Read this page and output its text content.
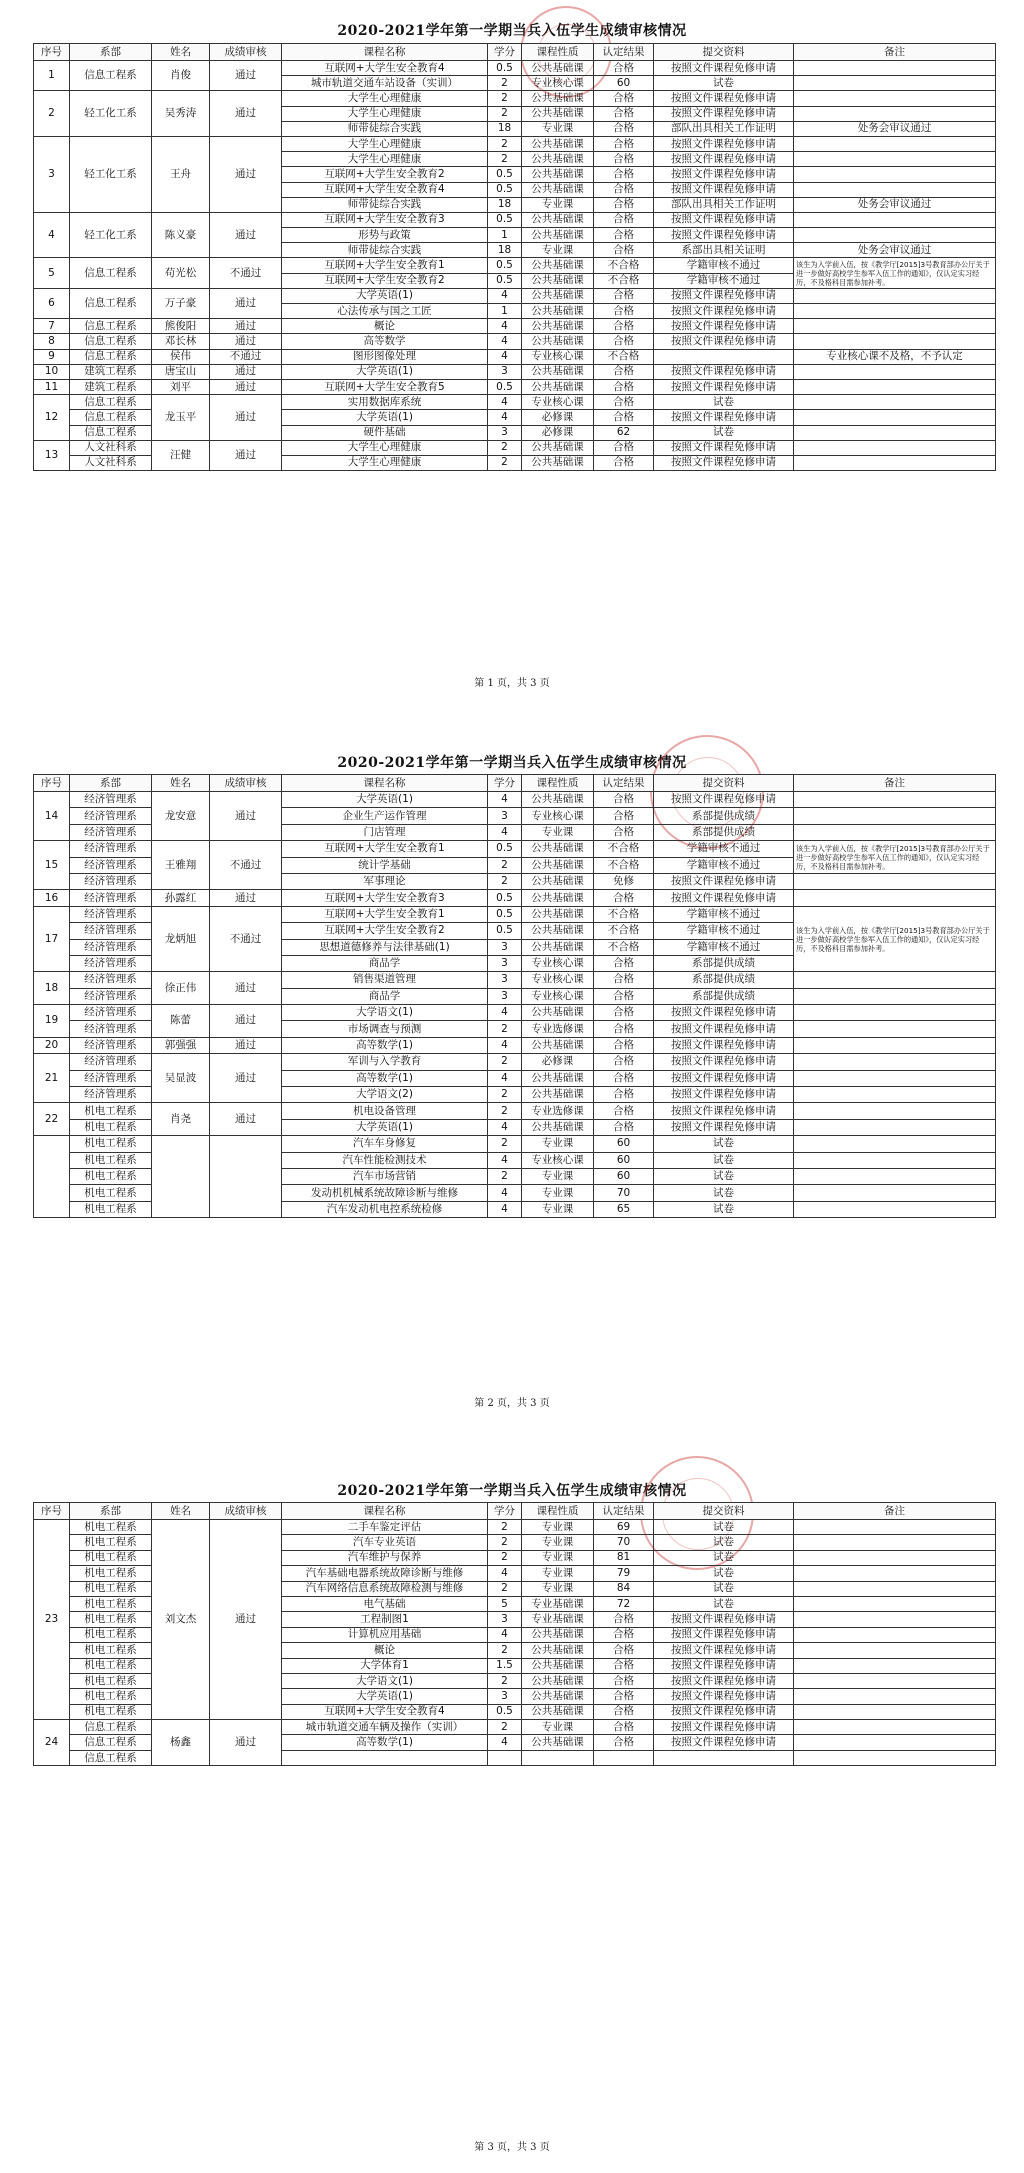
2020-2021学年第一学期当兵入伍学生成绩审核情况
序号	系部	姓名	成绩审核	课程名称	学分	课程性质	认定结果	提交资料	备注
1	信息工程系	肖俊	通过	互联网+大学生安全教育4	0.5	公共基础课	合格	按照文件课程免修申请	
				城市轨道交通车站设备（实训）	2	专业核心课	60	试卷	
2	轻工化工系	吴秀涛	通过	大学生心理健康	2	公共基础课	合格	按照文件课程免修申请	
				大学生心理健康	2	公共基础课	合格	按照文件课程免修申请	
				师带徒综合实践	18	专业课	合格	部队出具相关工作证明	处务会审议通过
3	轻工化工系	王舟	通过	大学生心理健康	2	公共基础课	合格	按照文件课程免修申请	
				大学生心理健康	2	公共基础课	合格	按照文件课程免修申请	
				互联网+大学生安全教育2	0.5	公共基础课	合格	按照文件课程免修申请	
				互联网+大学生安全教育4	0.5	公共基础课	合格	按照文件课程免修申请	
				师带徒综合实践	18	专业课	合格	部队出具相关工作证明	处务会审议通过
4	轻工化工系	陈义豪	通过	互联网+大学生安全教育3	0.5	公共基础课	合格	按照文件课程免修申请	
				形势与政策	1	公共基础课	合格	按照文件课程免修申请	
				师带徒综合实践	18	专业课	合格	系部出具相关证明	处务会审议通过
5	信息工程系	苟光松	不通过	互联网+大学生安全教育1	0.5	公共基础课	不合格	学籍审核不通过	该生为入学前入伍，按《教学厅[2015]3号教育部办公厅关于进一步做好高校学生参军入伍工作的通知》，仅认定实习经历，不及格科目需参加补考。
				互联网+大学生安全教育2	0.5	公共基础课	不合格	学籍审核不通过	
6	信息工程系	万子豪	通过	大学英语(1)	4	公共基础课	合格	按照文件课程免修申请	
				心法传承与国之工匠	1	公共基础课	合格	按照文件课程免修申请	
7	信息工程系	熊俊阳	通过	概论	4	公共基础课	合格	按照文件课程免修申请	
8	信息工程系	邓长林	通过	高等数学	4	公共基础课	合格	按照文件课程免修申请	
9	信息工程系	侯伟	不通过	图形图像处理	4	专业核心课	不合格		专业核心课不及格，不予认定
10	建筑工程系	唐宝山	通过	大学英语(1)	3	公共基础课	合格	按照文件课程免修申请	
11	建筑工程系	刘平	通过	互联网+大学生安全教育5	0.5	公共基础课	合格	按照文件课程免修申请	
12	信息工程系	龙玉平	通过	实用数据库系统	4	专业核心课	合格	试卷	
	信息工程系			大学英语(1)	4	必修课	合格	按照文件课程免修申请	
	信息工程系			硬件基础	3	必修课	62	试卷	
13	人文社科系	汪健	通过	大学生心理健康	2	公共基础课	合格	按照文件课程免修申请	
	人文社科系			大学生心理健康	2	公共基础课	合格	按照文件课程免修申请	
第 1 页，共 3 页
2020-2021学年第一学期当兵入伍学生成绩审核情况
序号	系部	姓名	成绩审核	课程名称	学分	课程性质	认定结果	提交资料	备注
14	经济管理系	龙安意	通过	大学英语(1)	4	公共基础课	合格	按照文件课程免修申请	
	经济管理系			企业生产运作管理	3	专业核心课	合格	系部提供成绩	
	经济管理系			门店管理	4	专业课	合格	系部提供成绩	
15	经济管理系	王雅翔	不通过	互联网+大学生安全教育1	0.5	公共基础课	不合格	学籍审核不通过	该生为入学前入伍，按《教学厅[2015]3号教育部办公厅关于进一步做好高校学生参军入伍工作的通知》，仅认定实习经历，不及格科目需参加补考。
	经济管理系			统计学基础	2	公共基础课	不合格	学籍审核不通过	
	经济管理系			军事理论	2	公共基础课	免修	按照文件课程免修申请	
16	经济管理系	孙露红	通过	互联网+大学生安全教育3	0.5	公共基础课	合格	按照文件课程免修申请	
17	经济管理系	龙炳旭	不通过	互联网+大学生安全教育1	0.5	公共基础课	不合格	学籍审核不通过	该生为入学前入伍，按《教学厅[2015]3号教育部办公厅关于进一步做好高校学生参军入伍工作的通知》，仅认定实习经历，不及格科目需参加补考。
	经济管理系			互联网+大学生安全教育2	0.5	公共基础课	不合格	学籍审核不通过	
	经济管理系			思想道德修养与法律基础(1)	3	公共基础课	不合格	学籍审核不通过	
	经济管理系			商品学	3	专业核心课	合格	系部提供成绩	
18	经济管理系	徐正伟	通过	销售渠道管理	3	专业核心课	合格	系部提供成绩	
	经济管理系			商品学	3	专业核心课	合格	系部提供成绩	
19	经济管理系	陈蕾	通过	大学语文(1)	4	公共基础课	合格	按照文件课程免修申请	
	经济管理系			市场调查与预测	2	专业选修课	合格	按照文件课程免修申请	
20	经济管理系	郭强强	通过	高等数学(1)	4	公共基础课	合格	按照文件课程免修申请	
21	经济管理系	吴显波	通过	军训与入学教育	2	必修课	合格	按照文件课程免修申请	
	经济管理系			高等数学(1)	4	公共基础课	合格	按照文件课程免修申请	
	经济管理系			大学语文(2)	2	公共基础课	合格	按照文件课程免修申请	
22	机电工程系	肖尧	通过	机电设备管理	2	专业选修课	合格	按照文件课程免修申请	
	机电工程系			大学英语(1)	4	公共基础课	合格	按照文件课程免修申请	
	机电工程系			汽车车身修复	2	专业课	60	试卷	
	机电工程系			汽车性能检测技术	4	专业核心课	60	试卷	
	机电工程系			汽车市场营销	2	专业课	60	试卷	
	机电工程系			发动机机械系统故障诊断与维修	4	专业课	70	试卷	
	机电工程系			汽车发动机电控系统检修	4	专业课	65	试卷	
第 2 页，共 3 页
2020-2021学年第一学期当兵入伍学生成绩审核情况
序号	系部	姓名	成绩审核	课程名称	学分	课程性质	认定结果	提交资料	备注
23	机电工程系	刘文杰	通过	二手车鉴定评估	2	专业课	69	试卷	
	机电工程系			汽车专业英语	2	专业课	70	试卷	
	机电工程系			汽车维护与保养	2	专业课	81	试卷	
	机电工程系			汽车基础电器系统故障诊断与维修	4	专业课	79	试卷	
	机电工程系			汽车网络信息系统故障检测与维修	2	专业课	84	试卷	
	机电工程系			电气基础	5	专业基础课	72	试卷	
	机电工程系			工程制图1	3	专业基础课	合格	按照文件课程免修申请	
	机电工程系			计算机应用基础	4	公共基础课	合格	按照文件课程免修申请	
	机电工程系			概论	2	公共基础课	合格	按照文件课程免修申请	
	机电工程系			大学体育1	1.5	公共基础课	合格	按照文件课程免修申请	
	机电工程系			大学语文(1)	2	公共基础课	合格	按照文件课程免修申请	
	机电工程系			大学英语(1)	3	公共基础课	合格	按照文件课程免修申请	
	机电工程系			互联网+大学生安全教育4	0.5	公共基础课	合格	按照文件课程免修申请	
24	信息工程系	杨鑫	通过	城市轨道交通车辆及操作（实训）	2	专业课	合格	按照文件课程免修申请	
	信息工程系			高等数学(1)	4	公共基础课	合格	按照文件课程免修申请	
	信息工程系								
第 3 页，共 3 页
